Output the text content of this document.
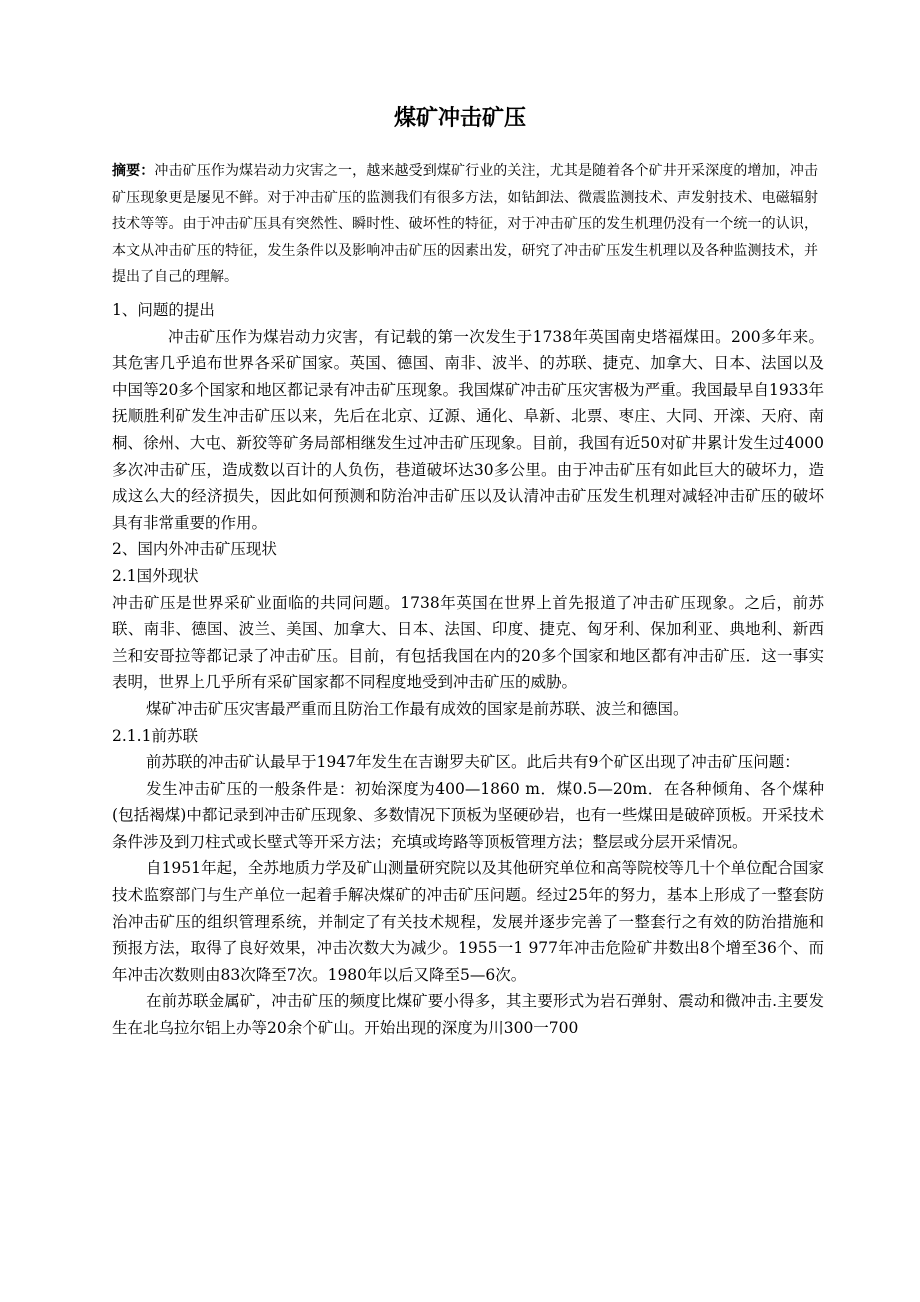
煤矿冲击矿压
摘要：冲击矿压作为煤岩动力灾害之一，越来越受到煤矿行业的关注，尤其是随着各个矿井开采深度的增加，冲击矿压现象更是屡见不鲜。对于冲击矿压的监测我们有很多方法，如钻卸法、微震监测技术、声发射技术、电磁辐射技术等等。由于冲击矿压具有突然性、瞬时性、破坏性的特征，对于冲击矿压的发生机理仍没有一个统一的认识，本文从冲击矿压的特征，发生条件以及影响冲击矿压的因素出发，研究了冲击矿压发生机理以及各种监测技术，并提出了自己的理解。

1、问题的提出

冲击矿压作为煤岩动力灾害，有记载的第一次发生于1738年英国南史塔福煤田。200多年来。其危害几乎追布世界各采矿国家。英国、德国、南非、波半、的苏联、捷克、加拿大、日本、法国以及中国等20多个国家和地区都记录有冲击矿压现象。我国煤矿冲击矿压灾害极为严重。我国最早自1933年抚顺胜利矿发生冲击矿压以来，先后在北京、辽源、通化、阜新、北票、枣庄、大同、开滦、天府、南桐、徐州、大屯、新狡等矿务局部相继发生过冲击矿压现象。目前，我国有近50对矿井累计发生过4000多次冲击矿压，造成数以百计的人负伤，巷道破坏达30多公里。由于冲击矿压有如此巨大的破坏力，造成这么大的经济损失，因此如何预测和防治冲击矿压以及认清冲击矿压发生机理对减轻冲击矿压的破坏具有非常重要的作用。

2、国内外冲击矿压现状

2.1国外现状

冲击矿压是世界采矿业面临的共同问题。1738年英国在世界上首先报道了冲击矿压现象。之后，前苏联、南非、德国、波兰、美国、加拿大、日本、法国、印度、捷克、匈牙利、保加利亚、典地利、新西兰和安哥拉等都记录了冲击矿压。目前，有包括我国在内的20多个国家和地区都有冲击矿压．这一事实表明，世界上几乎所有采矿国家都不同程度地受到冲击矿压的威胁。

煤矿冲击矿压灾害最严重而且防治工作最有成效的国家是前苏联、波兰和德国。

2.1.1前苏联

前苏联的冲击矿认最早于1947年发生在吉谢罗夫矿区。此后共有9个矿区出现了冲击矿压问题：

发生冲击矿压的一般条件是：初始深度为400—1860 m．煤0.5—20m．在各种倾角、各个煤种(包括褐煤)中都记录到冲击矿压现象、多数情况下顶板为坚硬砂岩，也有一些煤田是破碎顶板。开采技术条件涉及到刀柱式或长壁式等开采方法；充填或垮路等顶板管理方法；整层或分层开采情况。

自1951年起，全苏地质力学及矿山测量研究院以及其他研究单位和高等院校等几十个单位配合国家技术监察部门与生产单位一起着手解决煤矿的冲击矿压问题。经过25年的努力，基本上形成了一整套防治冲击矿压的组织管理系统，并制定了有关技术规程，发展并逐步完善了一整套行之有效的防治措施和预报方法，取得了良好效果，冲击次数大为减少。1955一1 977年冲击危险矿井数出8个增至36个、而年冲击次数则由83次降至7次。1980年以后又降至5—6次。

在前苏联金属矿，冲击矿压的频度比煤矿要小得多，其主要形式为岩石弹射、震动和微冲击.主要发生在北乌拉尔铝上办等20余个矿山。开始出现的深度为川300一700
